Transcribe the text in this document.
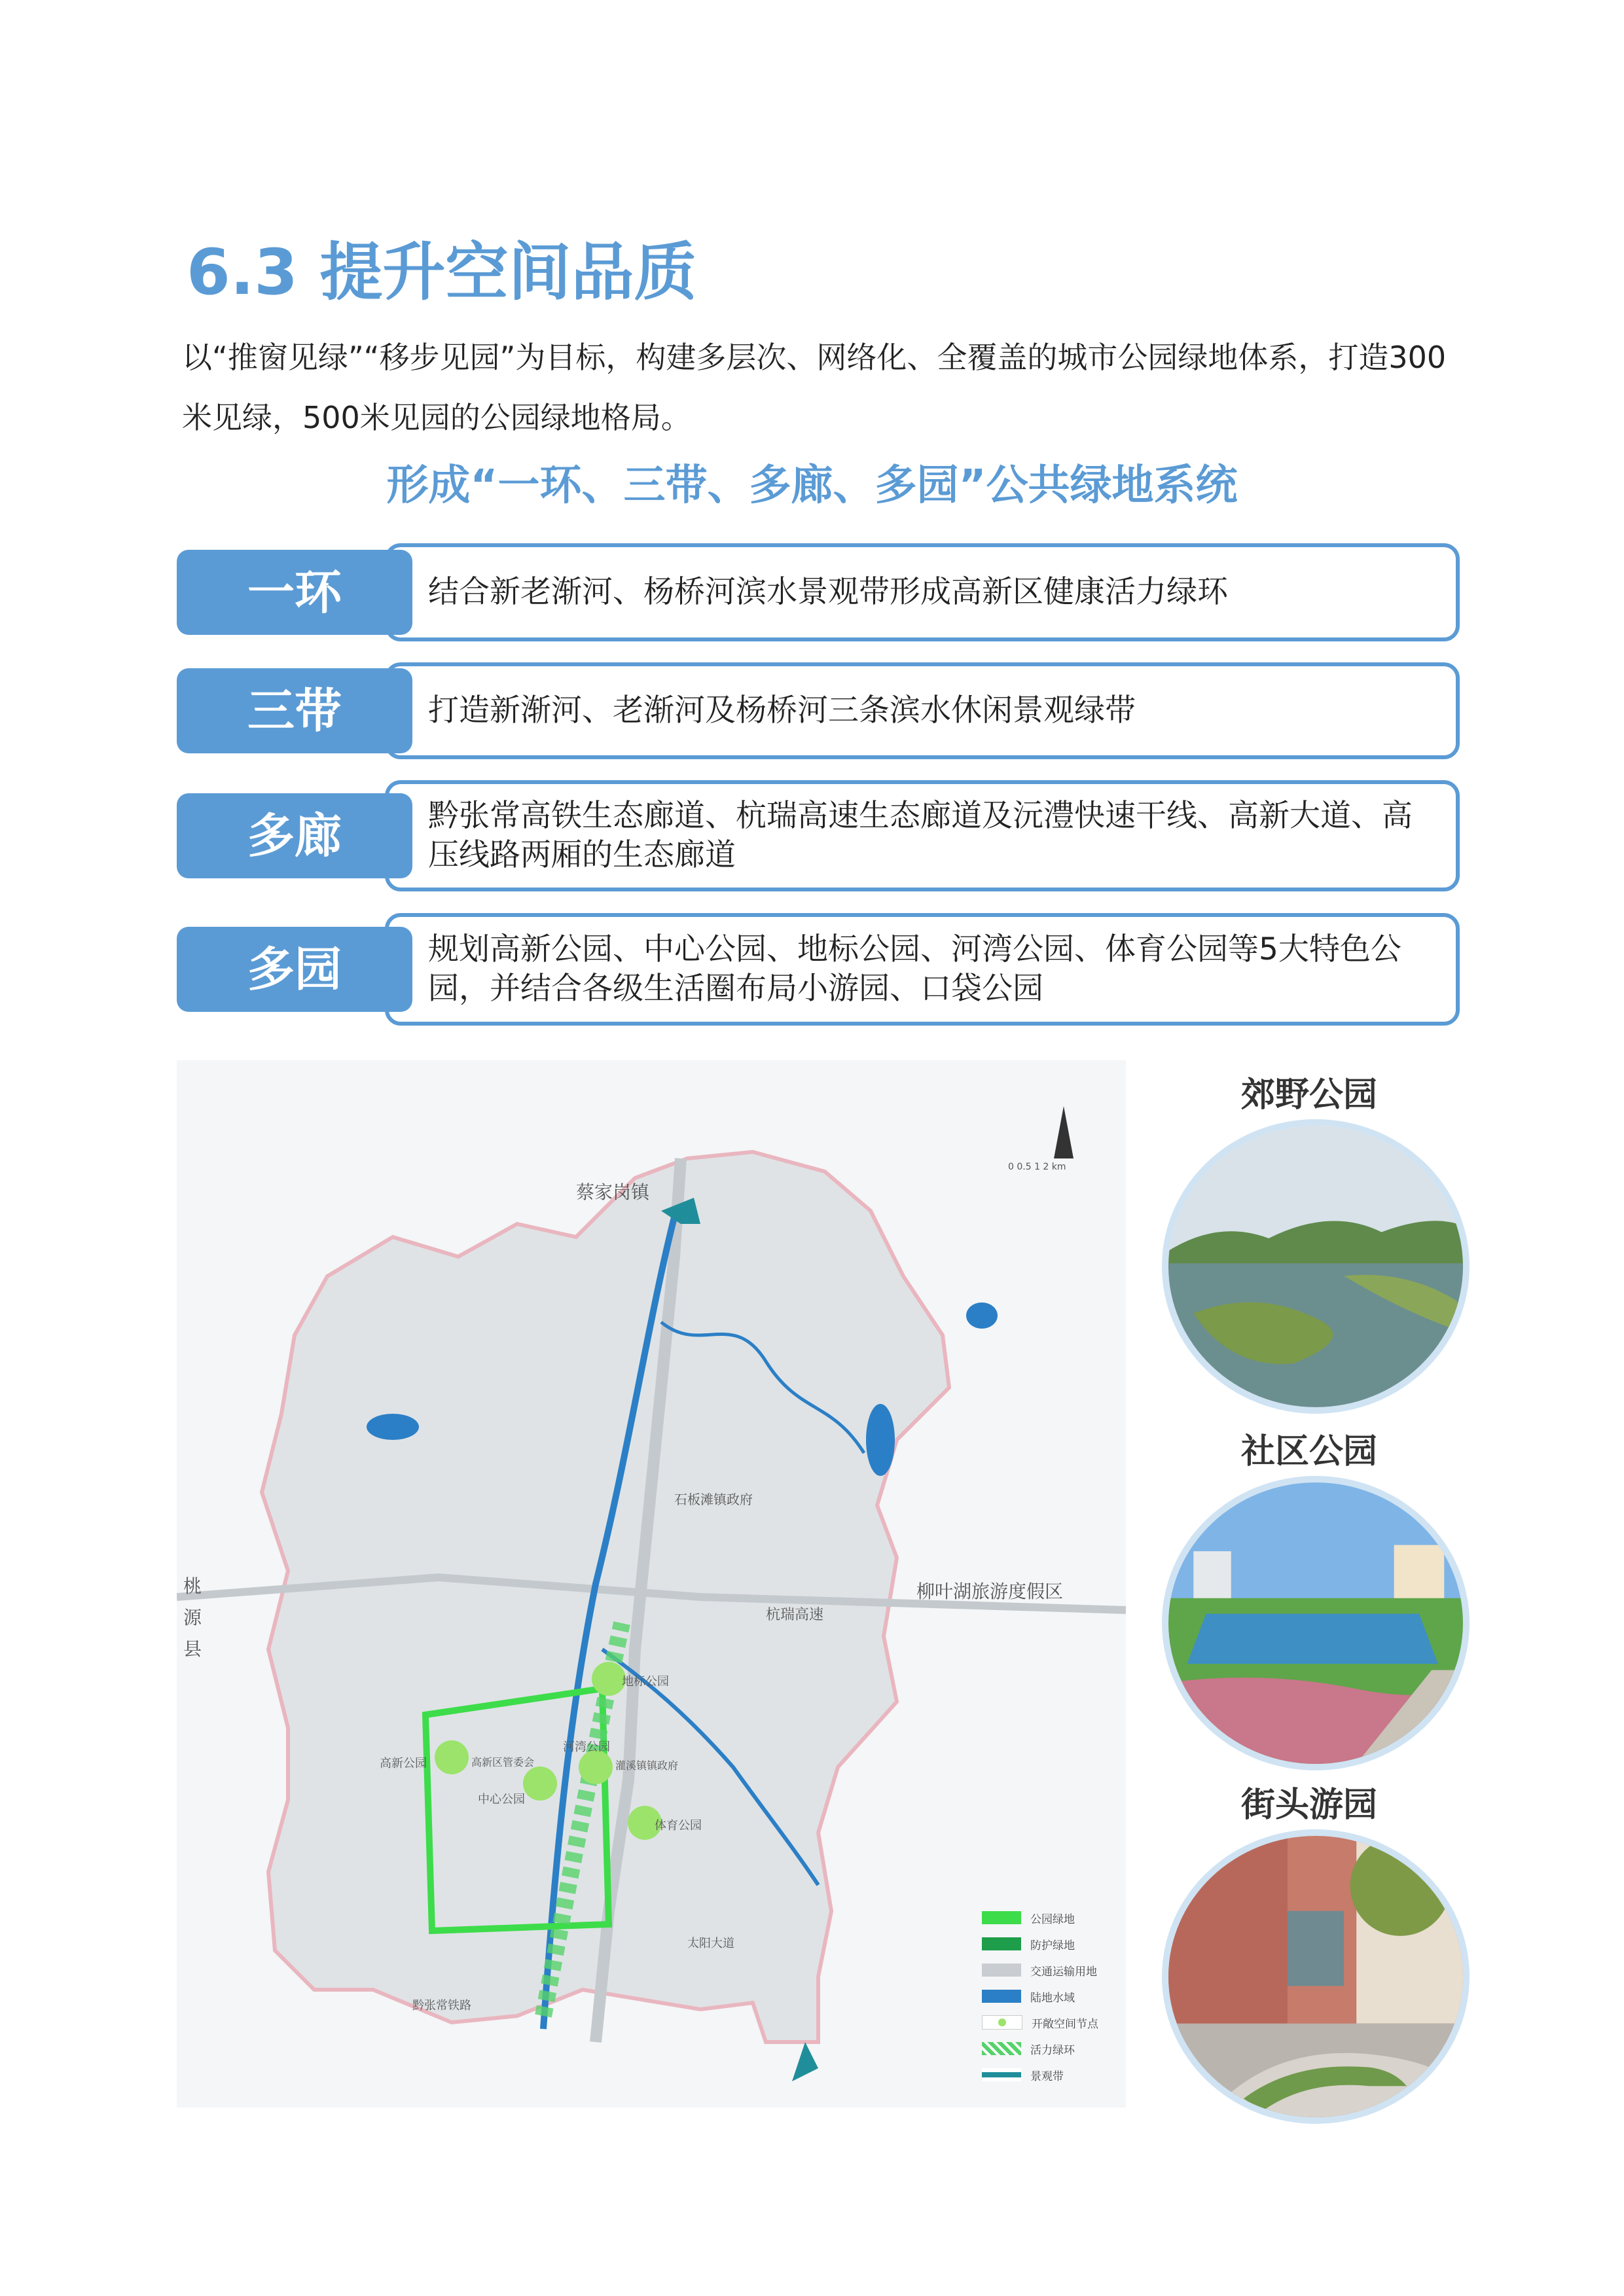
6.3 提升空间品质
以“推窗见绿”“移步见园”为目标，构建多层次、网络化、全覆盖的城市公园绿地体系，打造300米见绿，500米见园的公园绿地格局。
形成“一环、三带、多廊、多园”公共绿地系统
结合新老渐河、杨桥河滨水景观带形成高新区健康活力绿环
一环
打造新渐河、老渐河及杨桥河三条滨水休闲景观绿带
三带
黔张常高铁生态廊道、杭瑞高速生态廊道及沅澧快速干线、高新大道、高压线路两厢的生态廊道
多廊
规划高新公园、中心公园、地标公园、河湾公园、体育公园等5大特色公园，并结合各级生活圈布局小游园、口袋公园
多园
蔡家岗镇
石板滩镇政府
柳叶湖旅游度假区
杭瑞高速
桃源县
地标公园
高新公园	高新区管委会
河湾公园
灌溪镇镇政府
中心公园
体育公园
太阳大道
黔张常铁路
0 0.5 1 2 km
公园绿地
防护绿地
交通运输用地
陆地水域
开敞空间节点
活力绿环
景观带
郊野公园
社区公园
街头游园
